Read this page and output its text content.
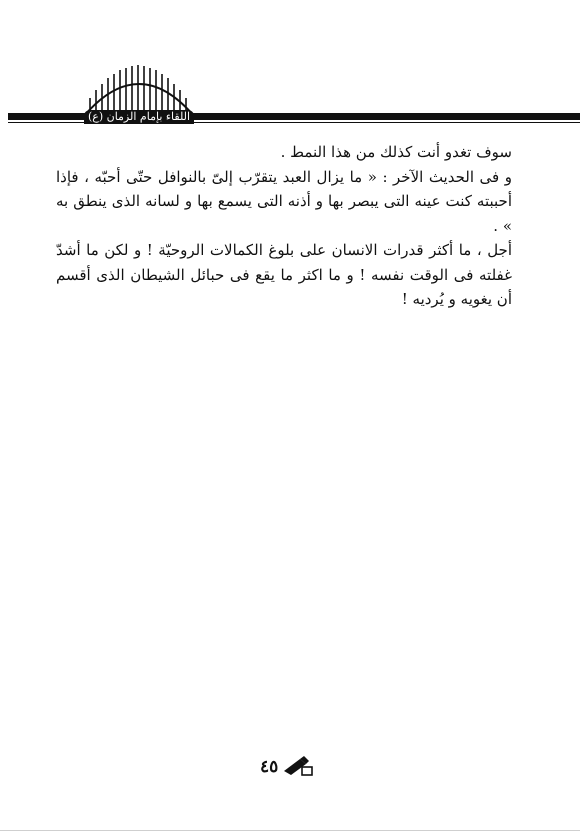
اللقاء بإمام الزمان (ع)

سوف تغدو أنت كذلك من هذا النمط .

و فى الحديث الآخر : « ما يزال العبد يتقرّب إلىّ بالنوافل حتّى أحبّه ، فإذا أحببته كنت عينه التى يبصر بها و أذنه التى يسمع بها و لسانه الذى ينطق به » .

أجل ، ما أكثر قدرات الانسان على بلوغ الكمالات الروحيّة ! و لكن ما أشدّ غفلته فى الوقت نفسه ! و ما اكثر ما يقع فى حبائل الشيطان الذى أقسم أن يغويه و يُرديه !

٤٥
